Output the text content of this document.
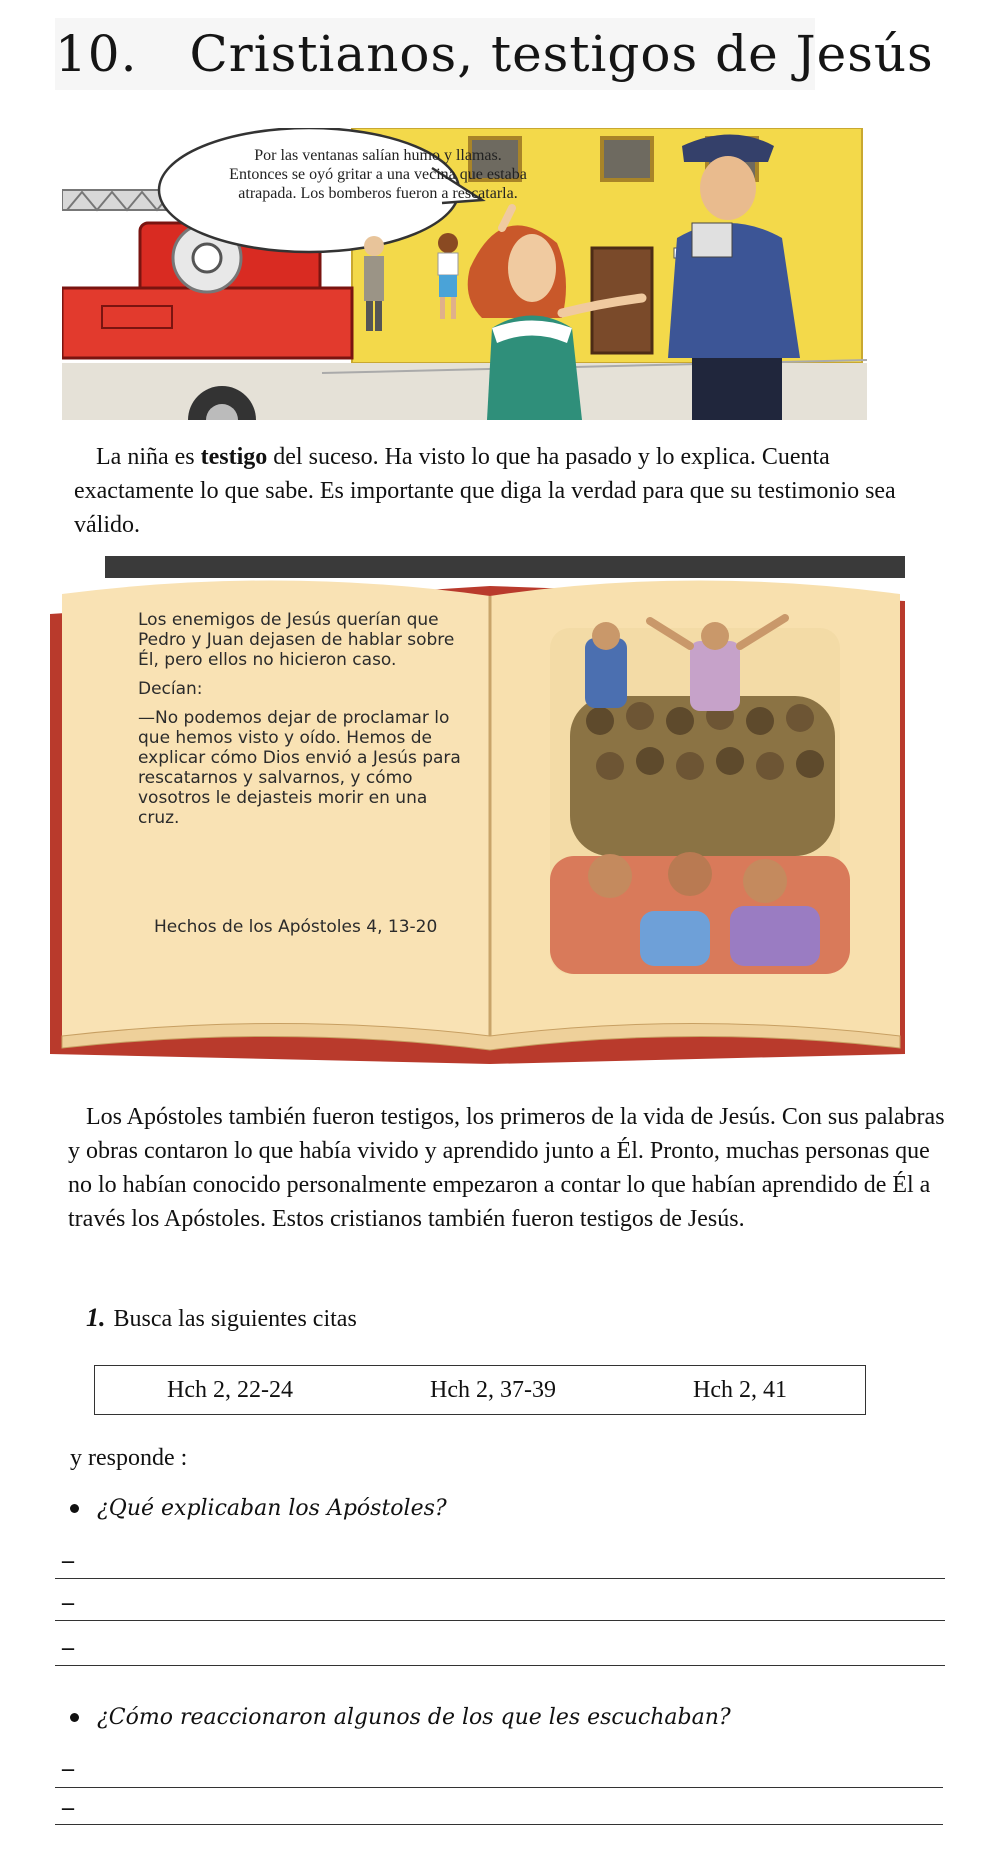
10. Cristianos, testigos de Jesús
Por las ventanas salían humo y llamas. Entonces se oyó gritar a una vecina que estaba atrapada. Los bomberos fueron a rescatarla.
La niña es testigo del suceso. Ha visto lo que ha pasado y lo explica. Cuenta exactamente lo que sabe. Es importante que diga la verdad para que su testimonio sea válido.

Los enemigos de Jesús querían que Pedro y Juan dejasen de hablar sobre Él, pero ellos no hicieron caso.

Decían:

—No podemos dejar de proclamar lo que hemos visto y oído. Hemos de explicar cómo Dios envió a Jesús para rescatarnos y salvarnos, y cómo vosotros le dejasteis morir en una cruz.

Hechos de los Apóstoles 4, 13-20
Los Apóstoles también fueron testigos, los primeros de la vida de Jesús. Con sus palabras y obras contaron lo que había vivido y aprendido junto a Él. Pronto, muchas personas que no lo habían conocido personalmente empezaron a contar lo que habían aprendido de Él a través los Apóstoles. Estos cristianos también fueron testigos de Jesús.
1. Busca las siguientes citas
Hch 2, 22-24	Hch 2, 37-39	Hch 2, 41
y responde :
¿Qué explicaban los Apóstoles?
–
–
–
¿Cómo reaccionaron algunos de los que les escuchaban?
–
–
